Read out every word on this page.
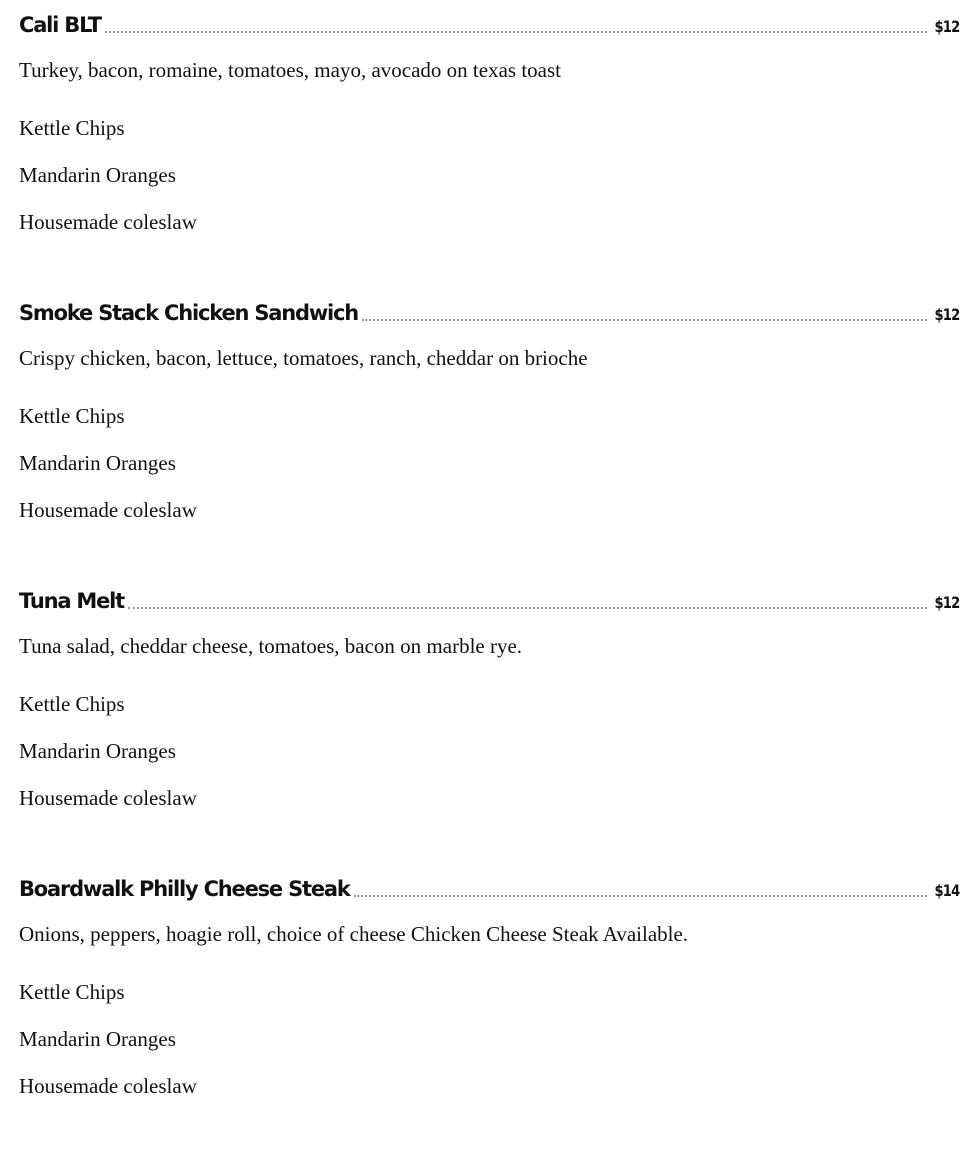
Cali BLT	$12
Turkey, bacon, romaine, tomatoes, mayo, avocado on texas toast
Kettle Chips
Mandarin Oranges
Housemade coleslaw
Smoke Stack Chicken Sandwich	$12
Crispy chicken, bacon, lettuce, tomatoes, ranch, cheddar on brioche
Kettle Chips
Mandarin Oranges
Housemade coleslaw
Tuna Melt	$12
Tuna salad, cheddar cheese, tomatoes, bacon on marble rye.
Kettle Chips
Mandarin Oranges
Housemade coleslaw
Boardwalk Philly Cheese Steak	$14
Onions, peppers, hoagie roll, choice of cheese Chicken Cheese Steak Available.
Kettle Chips
Mandarin Oranges
Housemade coleslaw
